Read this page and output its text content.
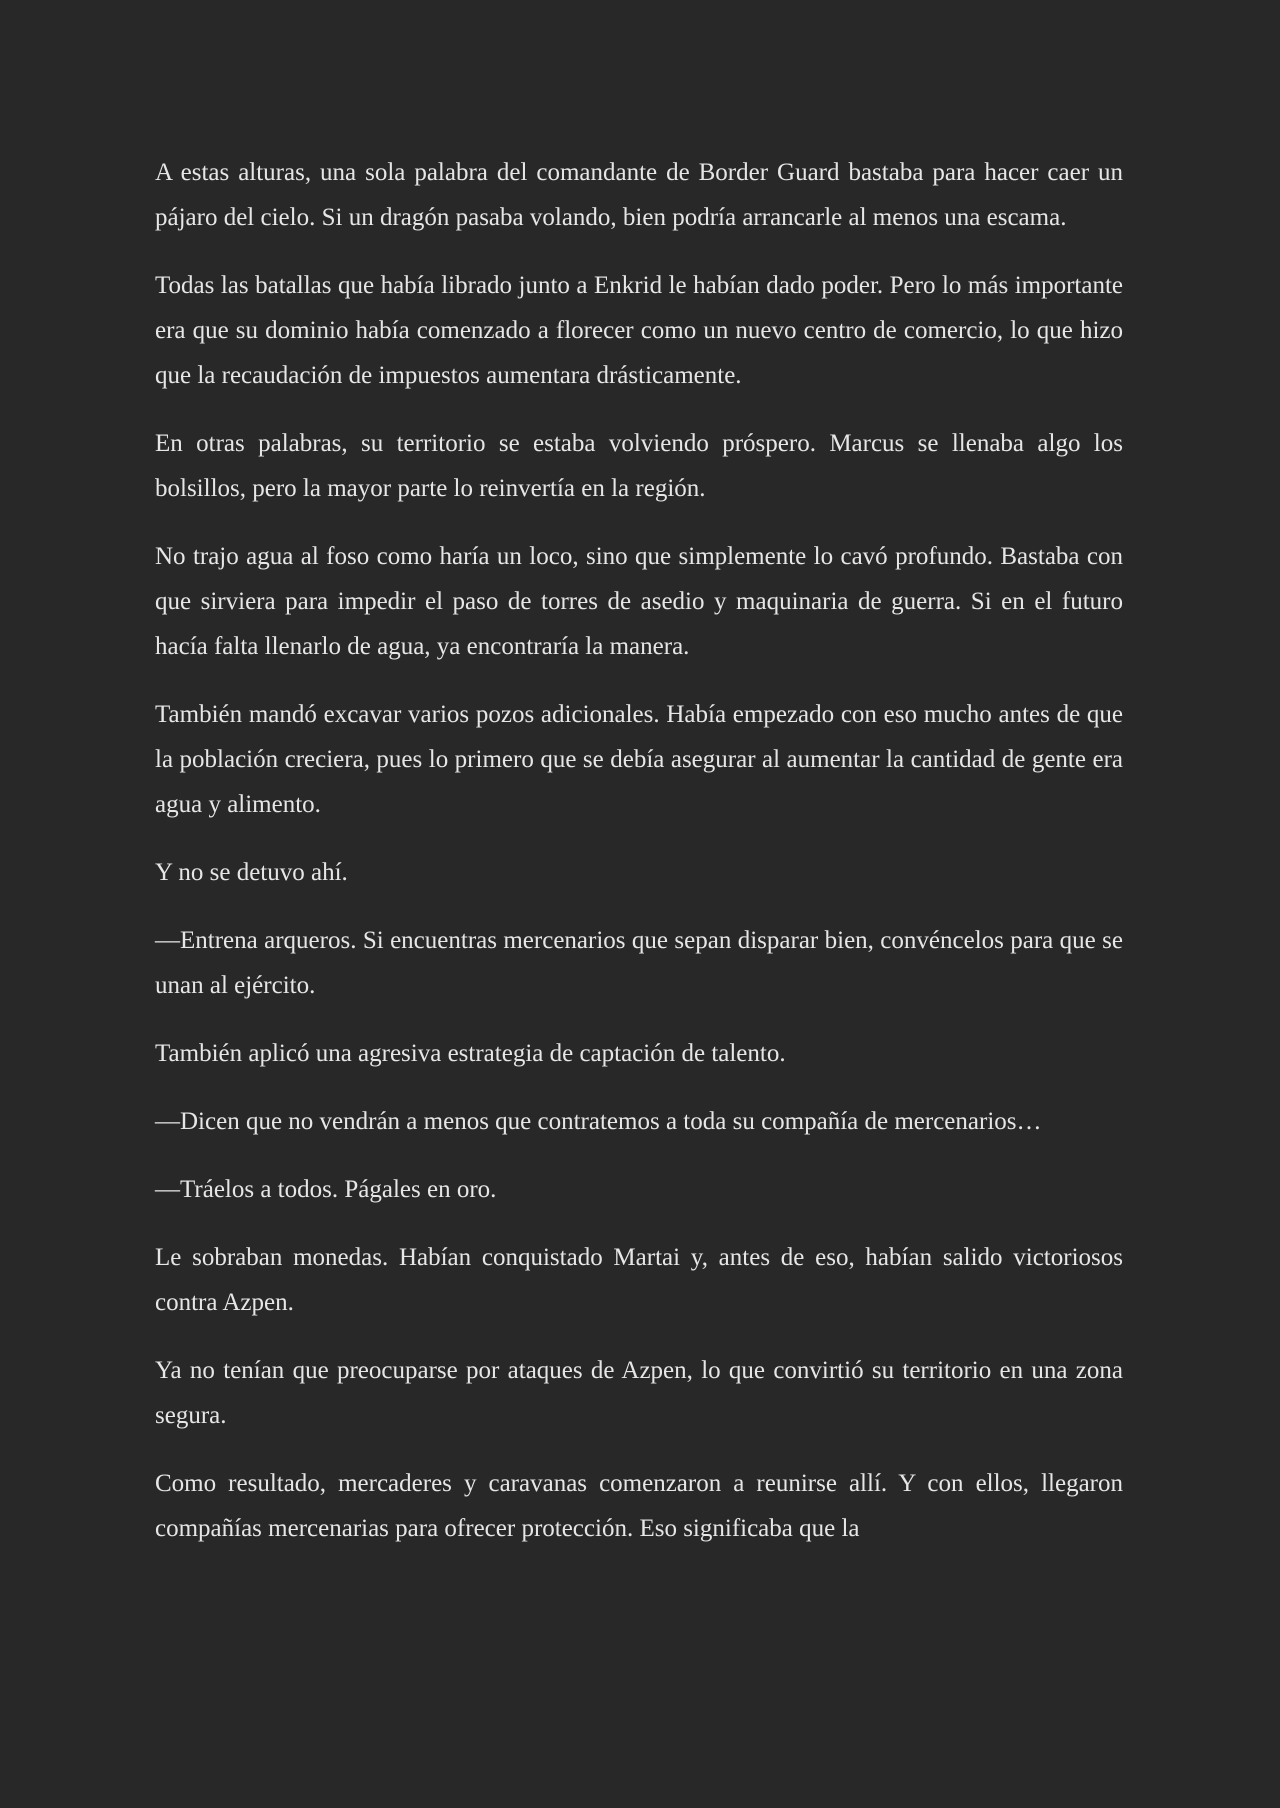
A estas alturas, una sola palabra del comandante de Border Guard bastaba para hacer caer un pájaro del cielo. Si un dragón pasaba volando, bien podría arrancarle al menos una escama.

Todas las batallas que había librado junto a Enkrid le habían dado poder. Pero lo más importante era que su dominio había comenzado a florecer como un nuevo centro de comercio, lo que hizo que la recaudación de impuestos aumentara drásticamente.

En otras palabras, su territorio se estaba volviendo próspero. Marcus se llenaba algo los bolsillos, pero la mayor parte lo reinvertía en la región.

No trajo agua al foso como haría un loco, sino que simplemente lo cavó profundo. Bastaba con que sirviera para impedir el paso de torres de asedio y maquinaria de guerra. Si en el futuro hacía falta llenarlo de agua, ya encontraría la manera.

También mandó excavar varios pozos adicionales. Había empezado con eso mucho antes de que la población creciera, pues lo primero que se debía asegurar al aumentar la cantidad de gente era agua y alimento.

Y no se detuvo ahí.

—Entrena arqueros. Si encuentras mercenarios que sepan disparar bien, convéncelos para que se unan al ejército.

También aplicó una agresiva estrategia de captación de talento.

—Dicen que no vendrán a menos que contratemos a toda su compañía de mercenarios…

—Tráelos a todos. Págales en oro.

Le sobraban monedas. Habían conquistado Martai y, antes de eso, habían salido victoriosos contra Azpen.

Ya no tenían que preocuparse por ataques de Azpen, lo que convirtió su territorio en una zona segura.

Como resultado, mercaderes y caravanas comenzaron a reunirse allí. Y con ellos, llegaron compañías mercenarias para ofrecer protección. Eso significaba que la
